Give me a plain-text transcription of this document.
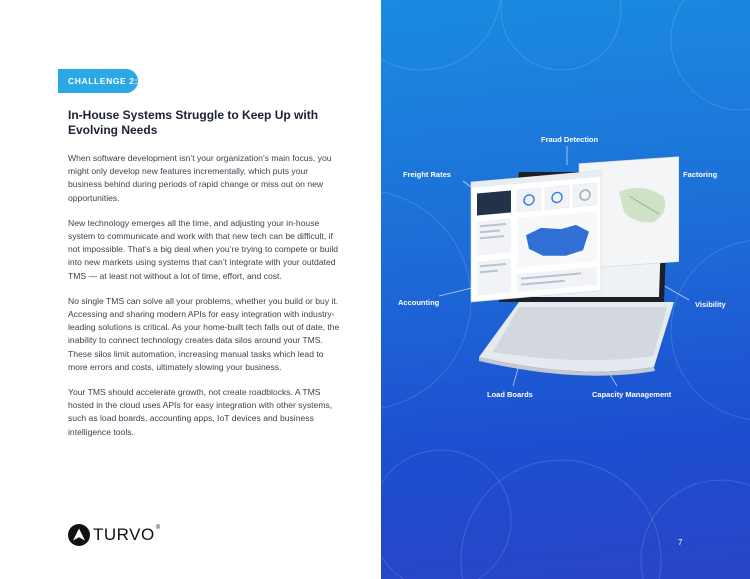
CHALLENGE 2:
In-House Systems Struggle to Keep Up with Evolving Needs

When software development isn’t your organization’s main focus, you might only develop new features incrementally, which puts your business behind during periods of rapid change or miss out on new opportunities.

New technology emerges all the time, and adjusting your in-house system to communicate and work with that new tech can be difficult, if not impossible. That’s a big deal when you’re trying to compete or build into new markets using systems that can’t integrate with your outdated TMS — at least not without a lot of time, effort, and cost.

No single TMS can solve all your problems, whether you build or buy it. Accessing and sharing modern APIs for easy integration with industry-leading solutions is critical. As your home-built tech falls out of date, the inability to connect technology creates data silos around your TMS. These silos limit automation, increasing manual tasks which lead to more errors and costs, ultimately slowing your business.

Your TMS should accelerate growth, not create roadblocks. A TMS hosted in the cloud uses APIs for easy integration with other systems, such as load boards, accounting apps, IoT devices and business intelligence tools.

TURVO®
Fraud Detection
Freight Rates	Factoring
Accounting	Visibility
Load Boards	Capacity Management
7
